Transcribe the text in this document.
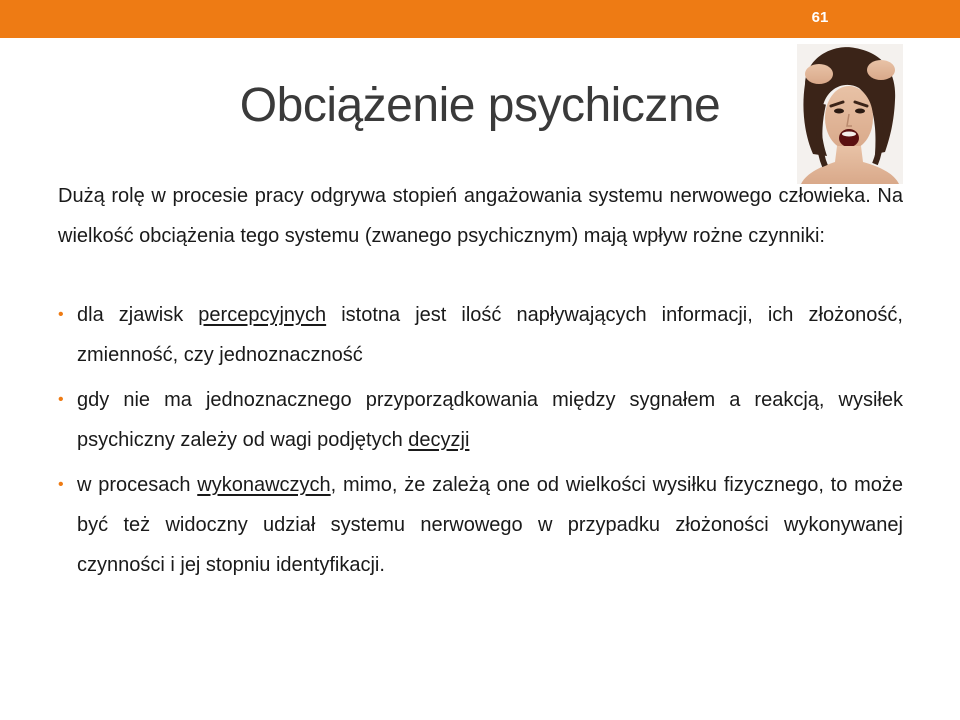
61
Obciążenie psychiczne

Dużą rolę w procesie pracy odgrywa stopień angażowania systemu nerwowego człowieka. Na wielkość obciążenia tego systemu (zwanego psychicznym) mają wpływ rożne czynniki:

• dla zjawisk percepcyjnych istotna jest ilość napływających informacji, ich złożoność, zmienność, czy jednoznaczność
• gdy nie ma jednoznacznego przyporządkowania między sygnałem a reakcją, wysiłek psychiczny zależy od wagi podjętych decyzji
• w procesach wykonawczych, mimo, że zależą one od wielkości wysiłku fizycznego, to może być też widoczny udział systemu nerwowego w przypadku złożoności wykonywanej czynności i jej stopniu identyfikacji.
